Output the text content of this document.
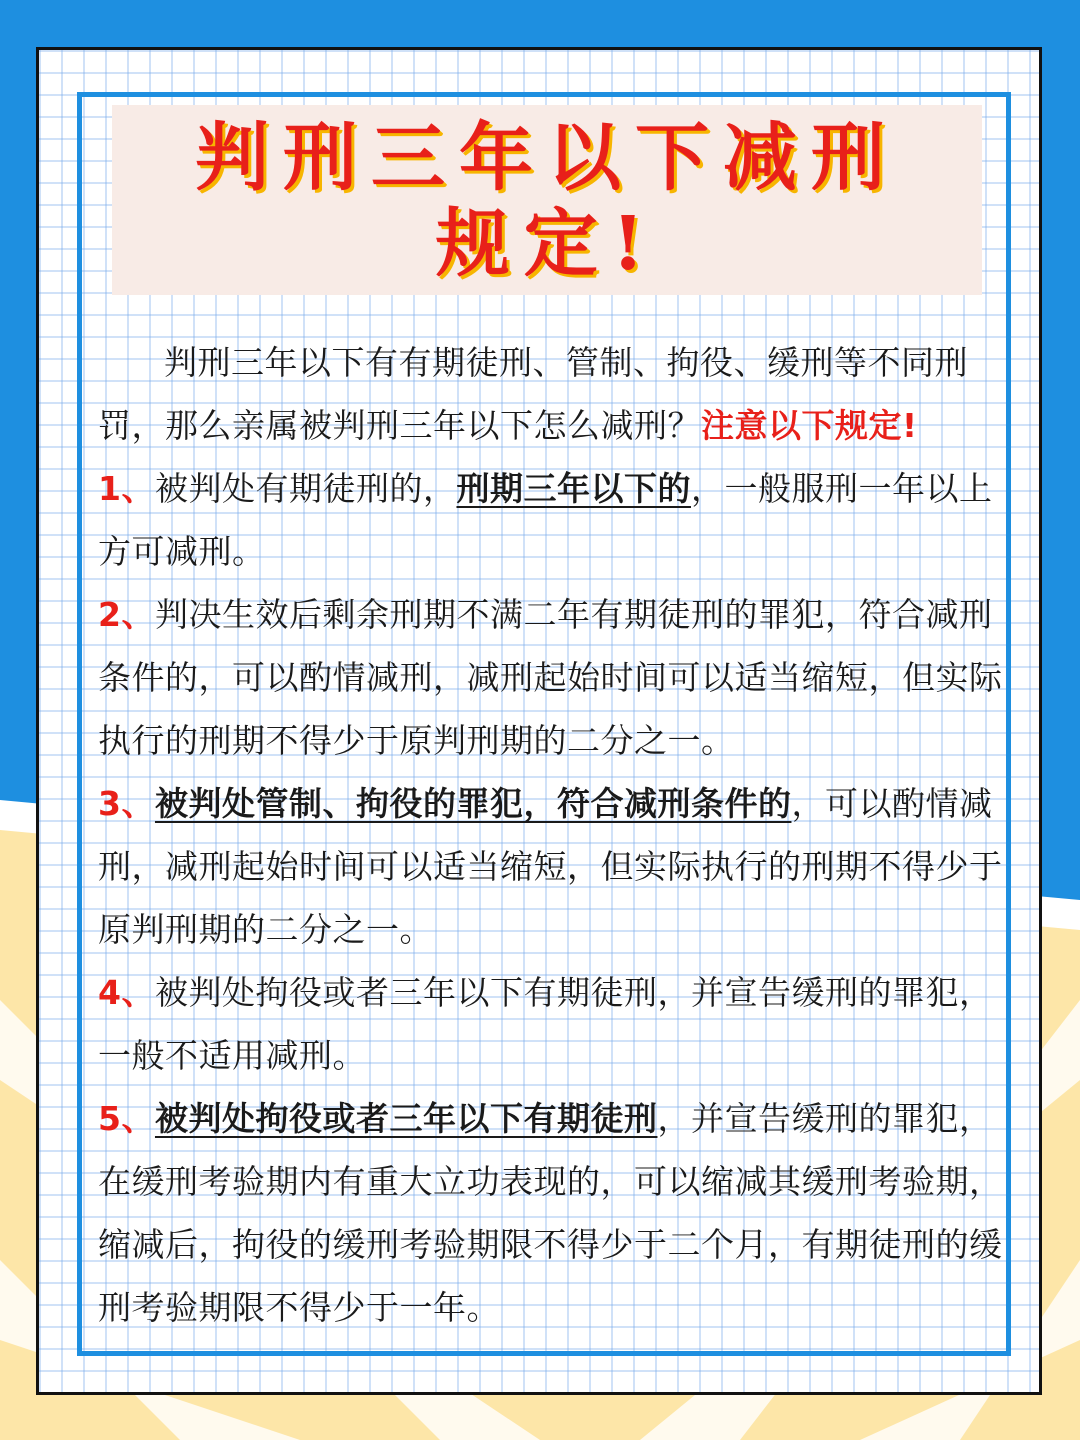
判刑三年以下减刑
规定!

判刑三年以下有有期徒刑、管制、拘役、缓刑等不同刑罚，那么亲属被判刑三年以下怎么减刑？注意以下规定!

1、被判处有期徒刑的，刑期三年以下的，一般服刑一年以上方可减刑。

2、判决生效后剩余刑期不满二年有期徒刑的罪犯，符合减刑条件的，可以酌情减刑，减刑起始时间可以适当缩短，但实际执行的刑期不得少于原判刑期的二分之一。

3、被判处管制、拘役的罪犯，符合减刑条件的，可以酌情减刑，减刑起始时间可以适当缩短，但实际执行的刑期不得少于原判刑期的二分之一。

4、被判处拘役或者三年以下有期徒刑，并宣告缓刑的罪犯，一般不适用减刑。

5、被判处拘役或者三年以下有期徒刑，并宣告缓刑的罪犯，在缓刑考验期内有重大立功表现的，可以缩减其缓刑考验期，缩减后，拘役的缓刑考验期限不得少于二个月，有期徒刑的缓刑考验期限不得少于一年。
